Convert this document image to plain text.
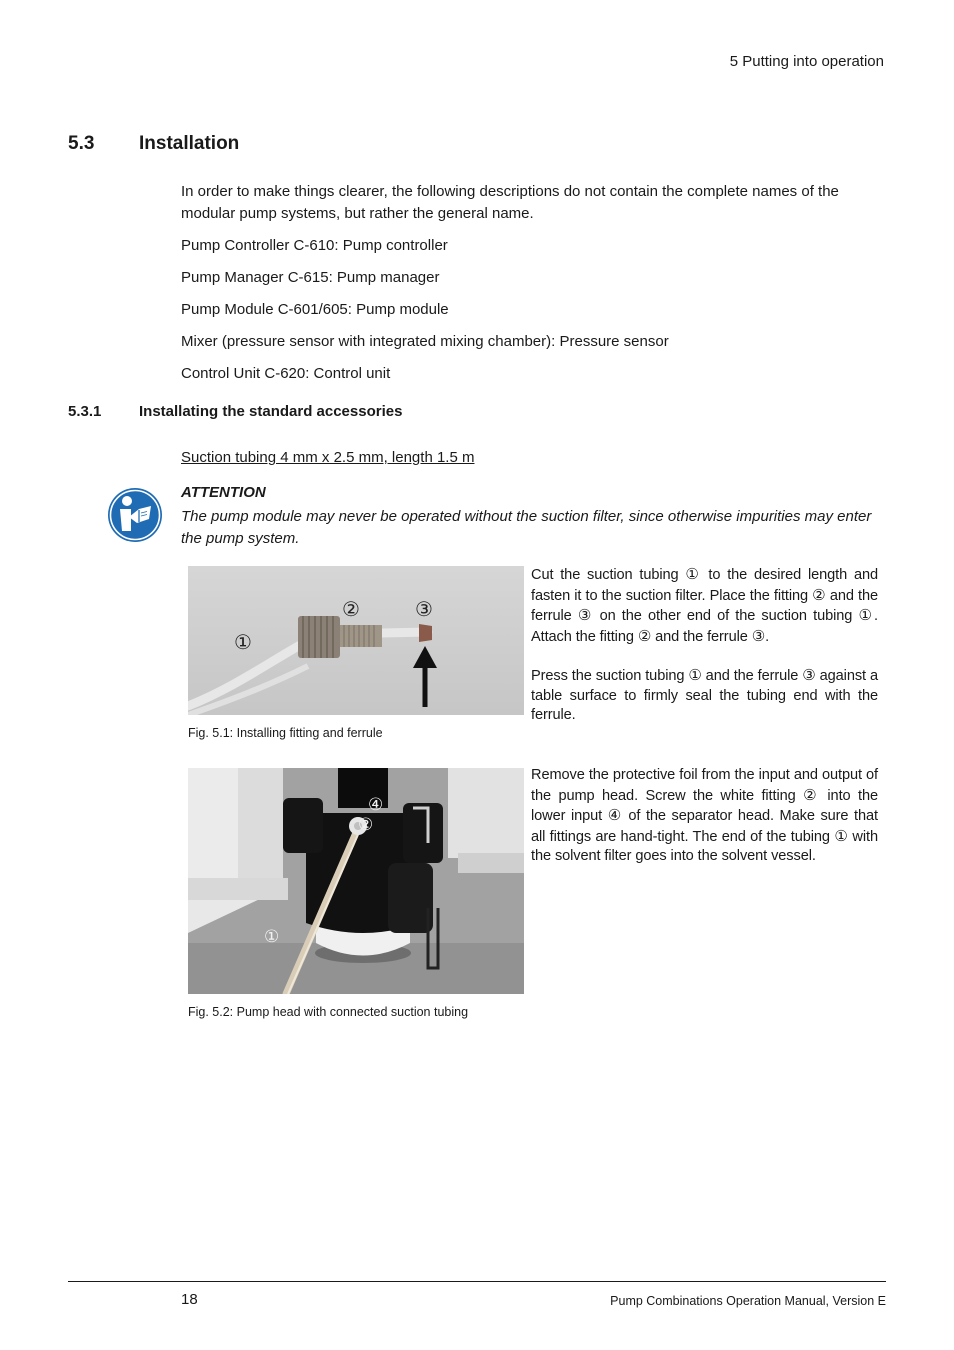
5 Putting into operation
5.3 Installation
In order to make things clearer, the following descriptions do not contain the complete names of the modular pump systems, but rather the general name.
Pump Controller C-610: Pump controller
Pump Manager C-615: Pump manager
Pump Module C-601/605: Pump module
Mixer (pressure sensor with integrated mixing chamber): Pressure sensor
Control Unit C-620: Control unit
5.3.1	Installating the standard accessories
Suction tubing 4 mm x 2.5 mm, length 1.5 m
ATTENTION
The pump module may never be operated without the suction filter, since otherwise impurities may enter the pump system.
①
②	③
Fig. 5.1: Installing fitting and ferrule

Cut the suction tubing ① to the desired length and fasten it to the suction filter. Place the fitting ② and the ferrule ③ on the other end of the suction tubing ①. Attach the fitting ② and the ferrule ③.

Press the suction tubing ① and the ferrule ③ against a table surface to firmly seal the tubing end with the ferrule.

④
②
①
Fig. 5.2: Pump head with connected suction tubing

Remove the protective foil from the input and output of the pump head. Screw the white fitting ② into the lower input ④ of the separator head. Make sure that all fittings are hand-tight. The end of the tubing ① with the solvent filter goes into the solvent vessel.

18	Pump Combinations Operation Manual, Version E
